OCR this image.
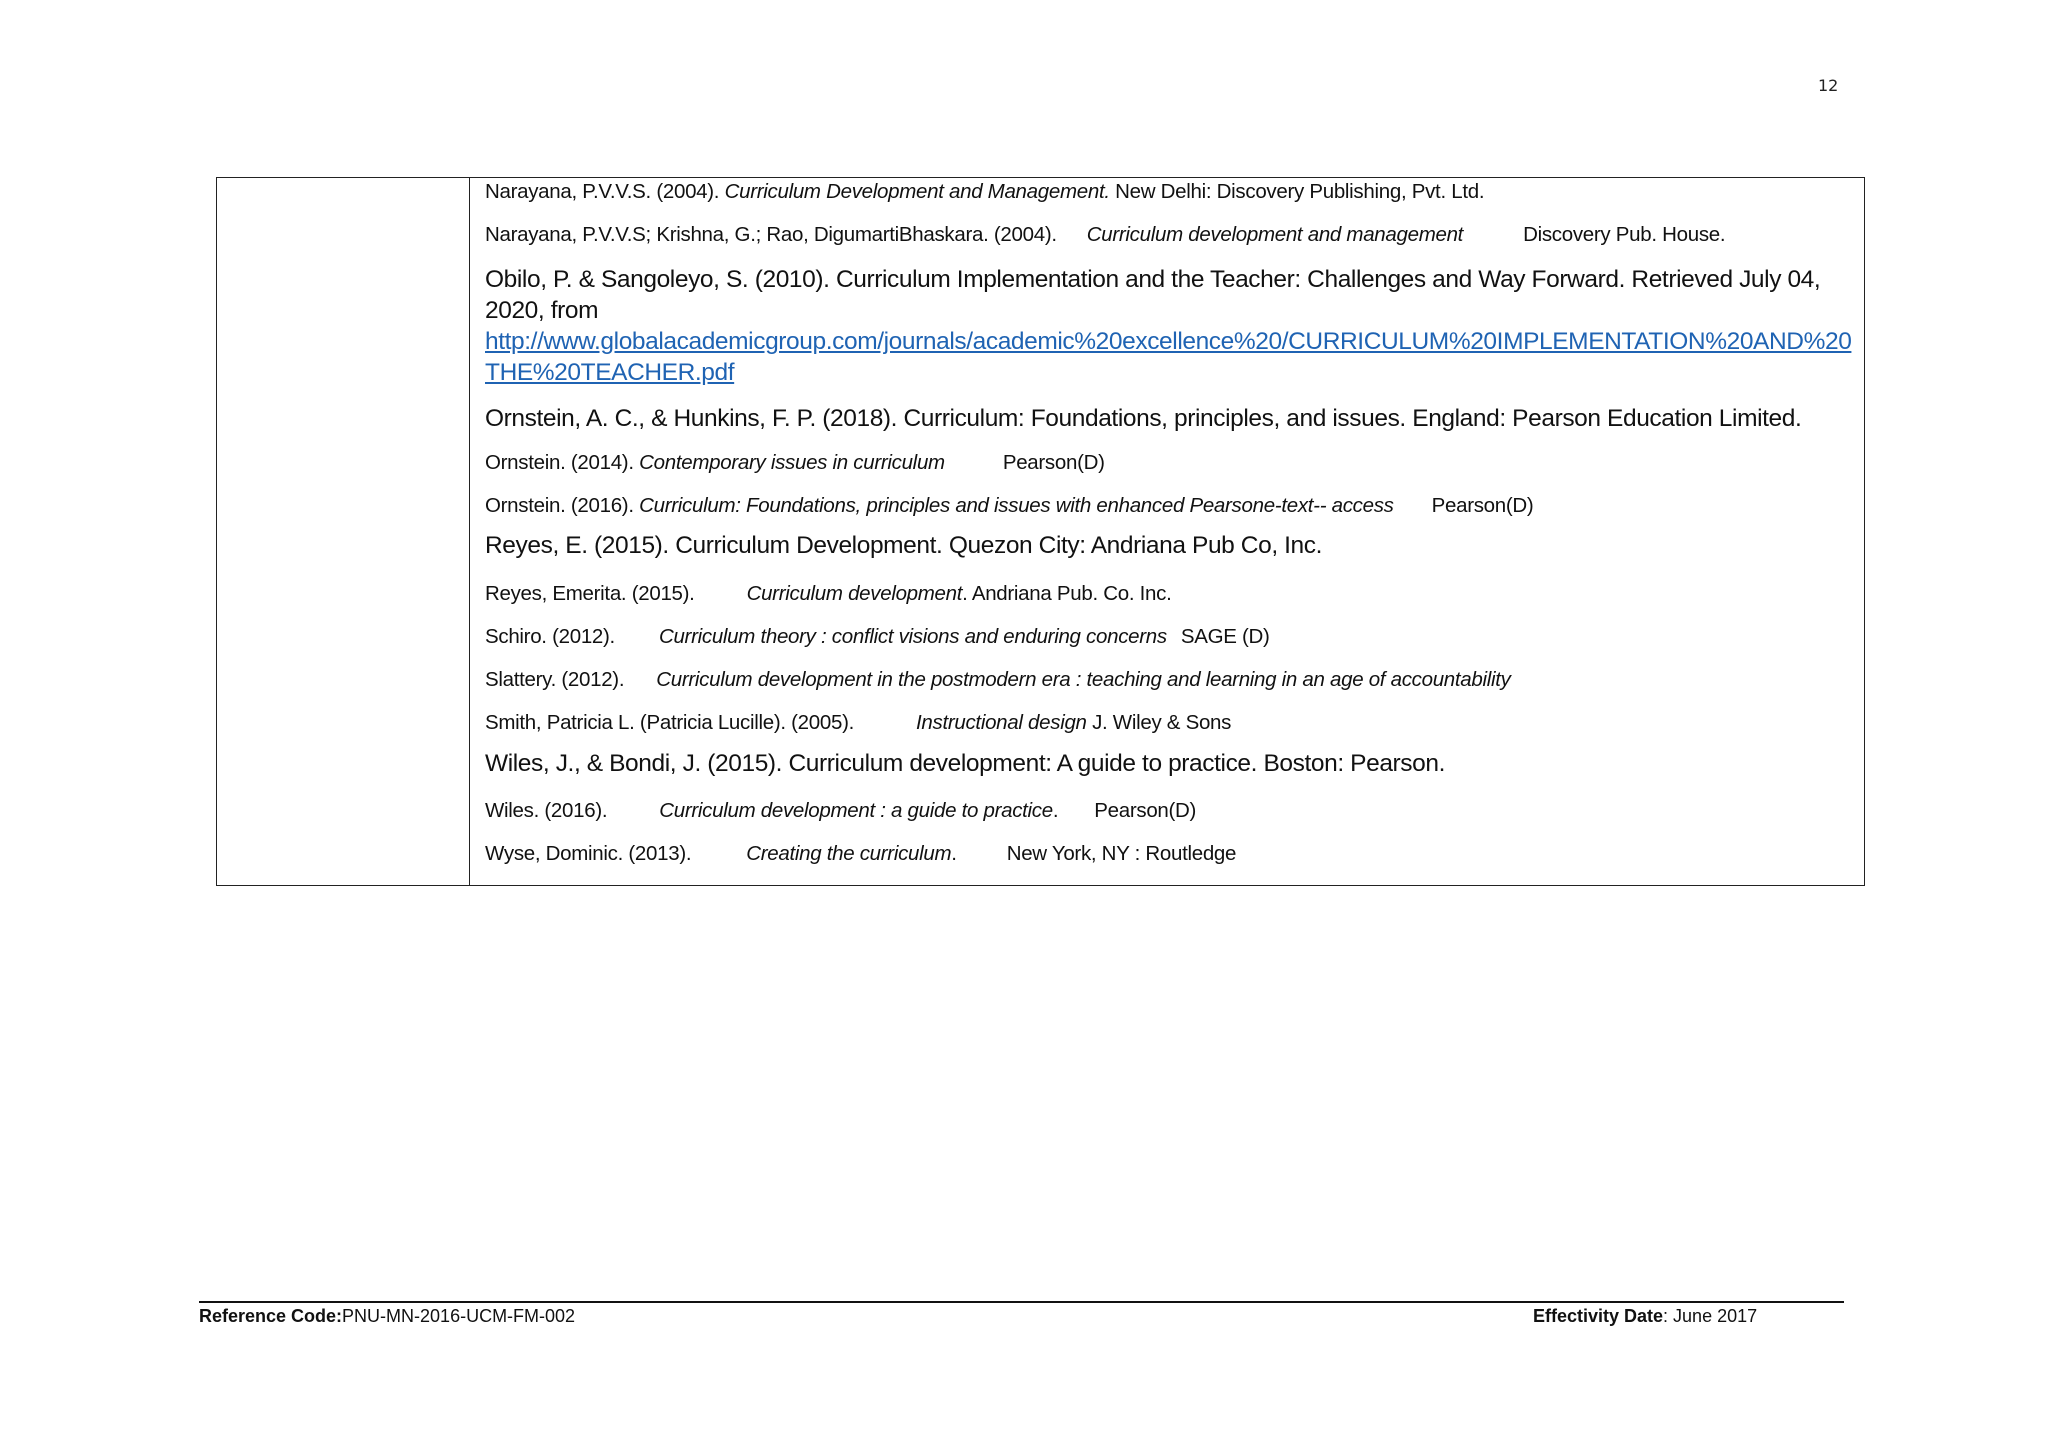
12
Narayana, P.V.V.S. (2004). Curriculum Development and Management. New Delhi: Discovery Publishing, Pvt. Ltd.
Narayana, P.V.V.S; Krishna, G.; Rao, DigumartiBhaskara. (2004). Curriculum development and management	Discovery Pub. House.
Obilo, P. & Sangoleyo, S. (2010). Curriculum Implementation and the Teacher: Challenges and Way Forward. Retrieved July 04, 2020, from
http://www.globalacademicgroup.com/journals/academic%20excellence%20/CURRICULUM%20IMPLEMENTATION%20AND%20THE%20TEACHER.pdf
Ornstein, A. C., & Hunkins, F. P. (2018). Curriculum: Foundations, principles, and issues. England: Pearson Education Limited.
Ornstein. (2014). Contemporary issues in curriculum	Pearson(D)
Ornstein. (2016). Curriculum: Foundations, principles and issues with enhanced Pearsone-text-- access Pearson(D)
Reyes, E. (2015). Curriculum Development. Quezon City: Andriana Pub Co, Inc.
Reyes, Emerita. (2015).	Curriculum development. Andriana Pub. Co. Inc.
Schiro. (2012). Curriculum theory : conflict visions and enduring concerns SAGE (D)
Slattery. (2012). Curriculum development in the postmodern era : teaching and learning in an age of accountability
Smith, Patricia L. (Patricia Lucille). (2005).	Instructional design J. Wiley & Sons
Wiles, J., & Bondi, J. (2015). Curriculum development: A guide to practice. Boston: Pearson.
Wiles. (2016).	Curriculum development : a guide to practice. Pearson(D)
Wyse, Dominic. (2013).	Creating the curriculum. New York, NY : Routledge
Reference Code:PNU-MN-2016-UCM-FM-002	Effectivity Date: June 2017
